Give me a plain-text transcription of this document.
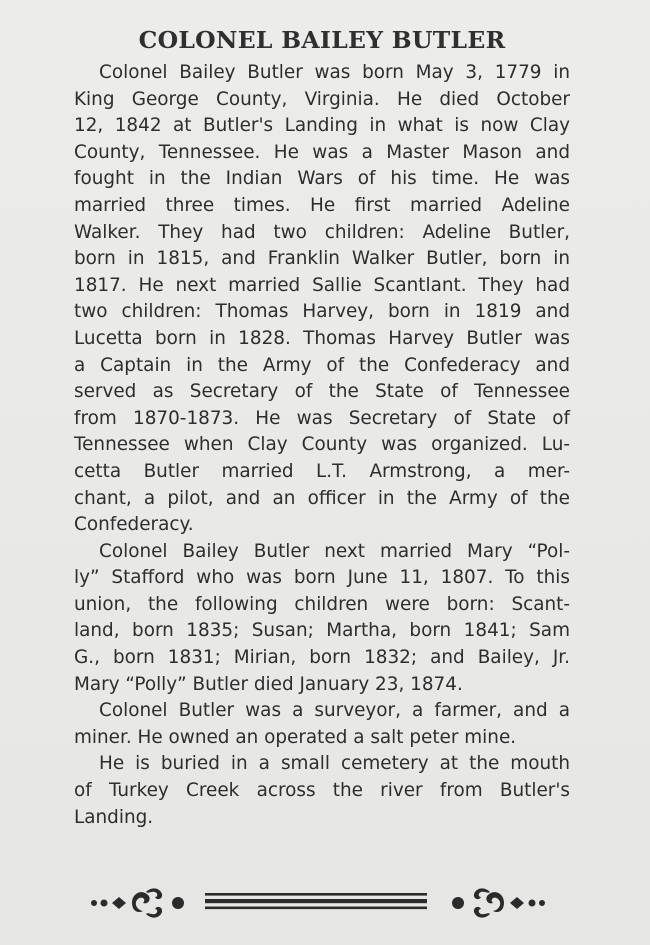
COLONEL BAILEY BUTLER

Colonel Bailey Butler was born May 3, 1779 in
King George County, Virginia. He died October
12, 1842 at Butler's Landing in what is now Clay
County, Tennessee. He was a Master Mason and
fought in the Indian Wars of his time. He was
married three times. He first married Adeline
Walker. They had two children: Adeline Butler,
born in 1815, and Franklin Walker Butler, born in
1817. He next married Sallie Scantlant. They had
two children: Thomas Harvey, born in 1819 and
Lucetta born in 1828. Thomas Harvey Butler was
a Captain in the Army of the Confederacy and
served as Secretary of the State of Tennessee
from 1870-1873. He was Secretary of State of
Tennessee when Clay County was organized. Lu-
cetta Butler married L.T. Armstrong, a mer-
chant, a pilot, and an officer in the Army of the
Confederacy.

Colonel Bailey Butler next married Mary “Pol-
ly” Stafford who was born June 11, 1807. To this
union, the following children were born: Scant-
land, born 1835; Susan; Martha, born 1841; Sam
G., born 1831; Mirian, born 1832; and Bailey, Jr.
Mary “Polly” Butler died January 23, 1874.

Colonel Butler was a surveyor, a farmer, and a
miner. He owned an operated a salt peter mine.

He is buried in a small cemetery at the mouth
of Turkey Creek across the river from Butler's
Landing.
